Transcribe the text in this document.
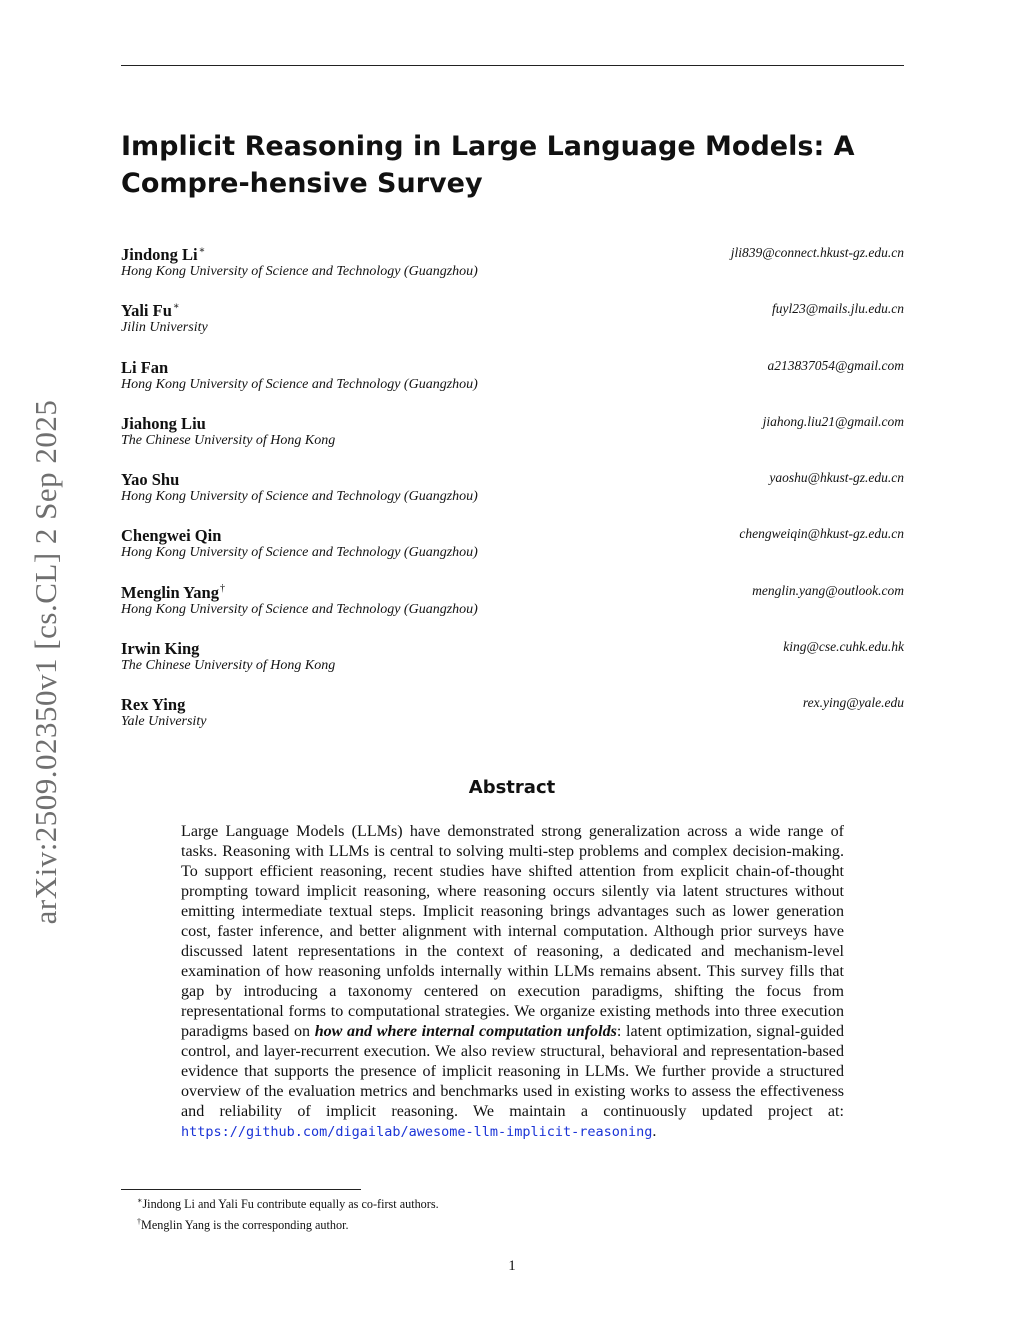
arXiv:2509.02350v1 [cs.CL] 2 Sep 2025
Implicit Reasoning in Large Language Models: A Compre-hensive Survey
Jindong Li∗	jli839@connect.hkust-gz.edu.cn
Hong Kong University of Science and Technology (Guangzhou)
Yali Fu∗	fuyl23@mails.jlu.edu.cn
Jilin University
Li Fan	a213837054@gmail.com
Hong Kong University of Science and Technology (Guangzhou)
Jiahong Liu	jiahong.liu21@gmail.com
The Chinese University of Hong Kong
Yao Shu	yaoshu@hkust-gz.edu.cn
Hong Kong University of Science and Technology (Guangzhou)
Chengwei Qin	chengweiqin@hkust-gz.edu.cn
Hong Kong University of Science and Technology (Guangzhou)
Menglin Yang†	menglin.yang@outlook.com
Hong Kong University of Science and Technology (Guangzhou)
Irwin King	king@cse.cuhk.edu.hk
The Chinese University of Hong Kong
Rex Ying	rex.ying@yale.edu
Yale University
Abstract

Large Language Models (LLMs) have demonstrated strong generalization across a wide range of tasks. Reasoning with LLMs is central to solving multi-step problems and complex decision-making. To support efficient reasoning, recent studies have shifted attention from explicit chain-of-thought prompting toward implicit reasoning, where reasoning occurs silently via latent structures without emitting intermediate textual steps. Implicit reasoning brings advantages such as lower generation cost, faster inference, and better alignment with internal computation. Although prior surveys have discussed latent representations in the context of reasoning, a dedicated and mechanism-level examination of how reasoning unfolds internally within LLMs remains absent. This survey fills that gap by introducing a taxonomy centered on execution paradigms, shifting the focus from representational forms to computational strategies. We organize existing methods into three execution paradigms based on how and where internal computation unfolds: latent optimization, signal-guided control, and layer-recurrent execution. We also review structural, behavioral and representation-based evidence that supports the presence of implicit reasoning in LLMs. We further provide a structured overview of the evaluation metrics and benchmarks used in existing works to assess the effectiveness and reliability of implicit reasoning. We maintain a continuously updated project at: https://github.com/digailab/awesome-llm-implicit-reasoning.

∗Jindong Li and Yali Fu contribute equally as co-first authors.
†Menglin Yang is the corresponding author.
1
